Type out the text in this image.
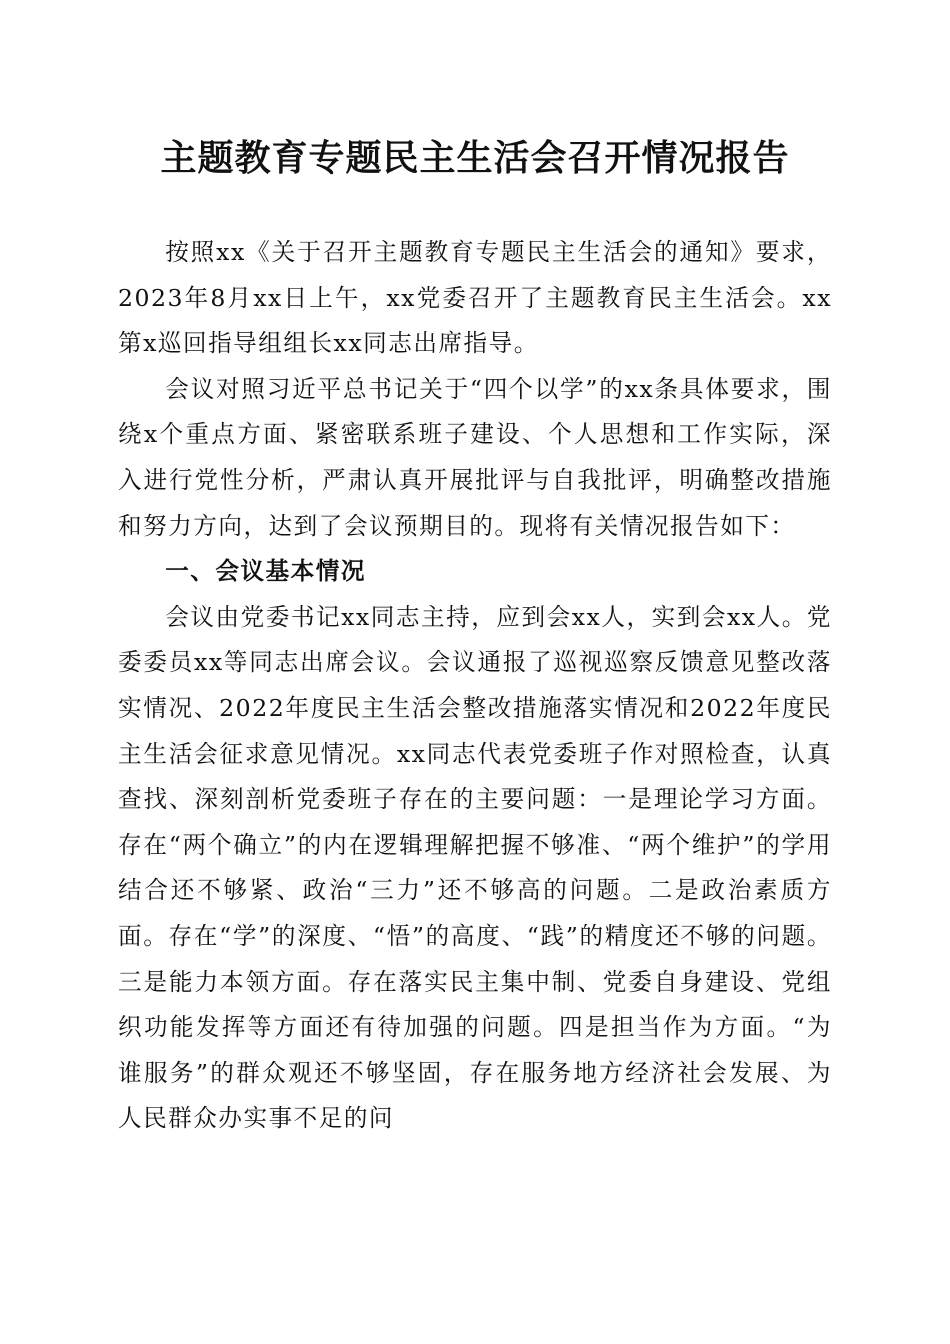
主题教育专题民主生活会召开情况报告

按照xx《关于召开主题教育专题民主生活会的通知》要求，2023年8月xx日上午，xx党委召开了主题教育民主生活会。xx第x巡回指导组组长xx同志出席指导。

会议对照习近平总书记关于“四个以学”的xx条具体要求，围绕x个重点方面、紧密联系班子建设、个人思想和工作实际，深入进行党性分析，严肃认真开展批评与自我批评，明确整改措施和努力方向，达到了会议预期目的。现将有关情况报告如下：

一、会议基本情况

会议由党委书记xx同志主持，应到会xx人，实到会xx人。党委委员xx等同志出席会议。会议通报了巡视巡察反馈意见整改落实情况、2022年度民主生活会整改措施落实情况和2022年度民主生活会征求意见情况。xx同志代表党委班子作对照检查，认真查找、深刻剖析党委班子存在的主要问题：一是理论学习方面。存在“两个确立”的内在逻辑理解把握不够准、“两个维护”的学用结合还不够紧、政治“三力”还不够高的问题。二是政治素质方面。存在“学”的深度、“悟”的高度、“践”的精度还不够的问题。三是能力本领方面。存在落实民主集中制、党委自身建设、党组织功能发挥等方面还有待加强的问题。四是担当作为方面。“为谁服务”的群众观还不够坚固，存在服务地方经济社会发展、为人民群众办实事不足的问
